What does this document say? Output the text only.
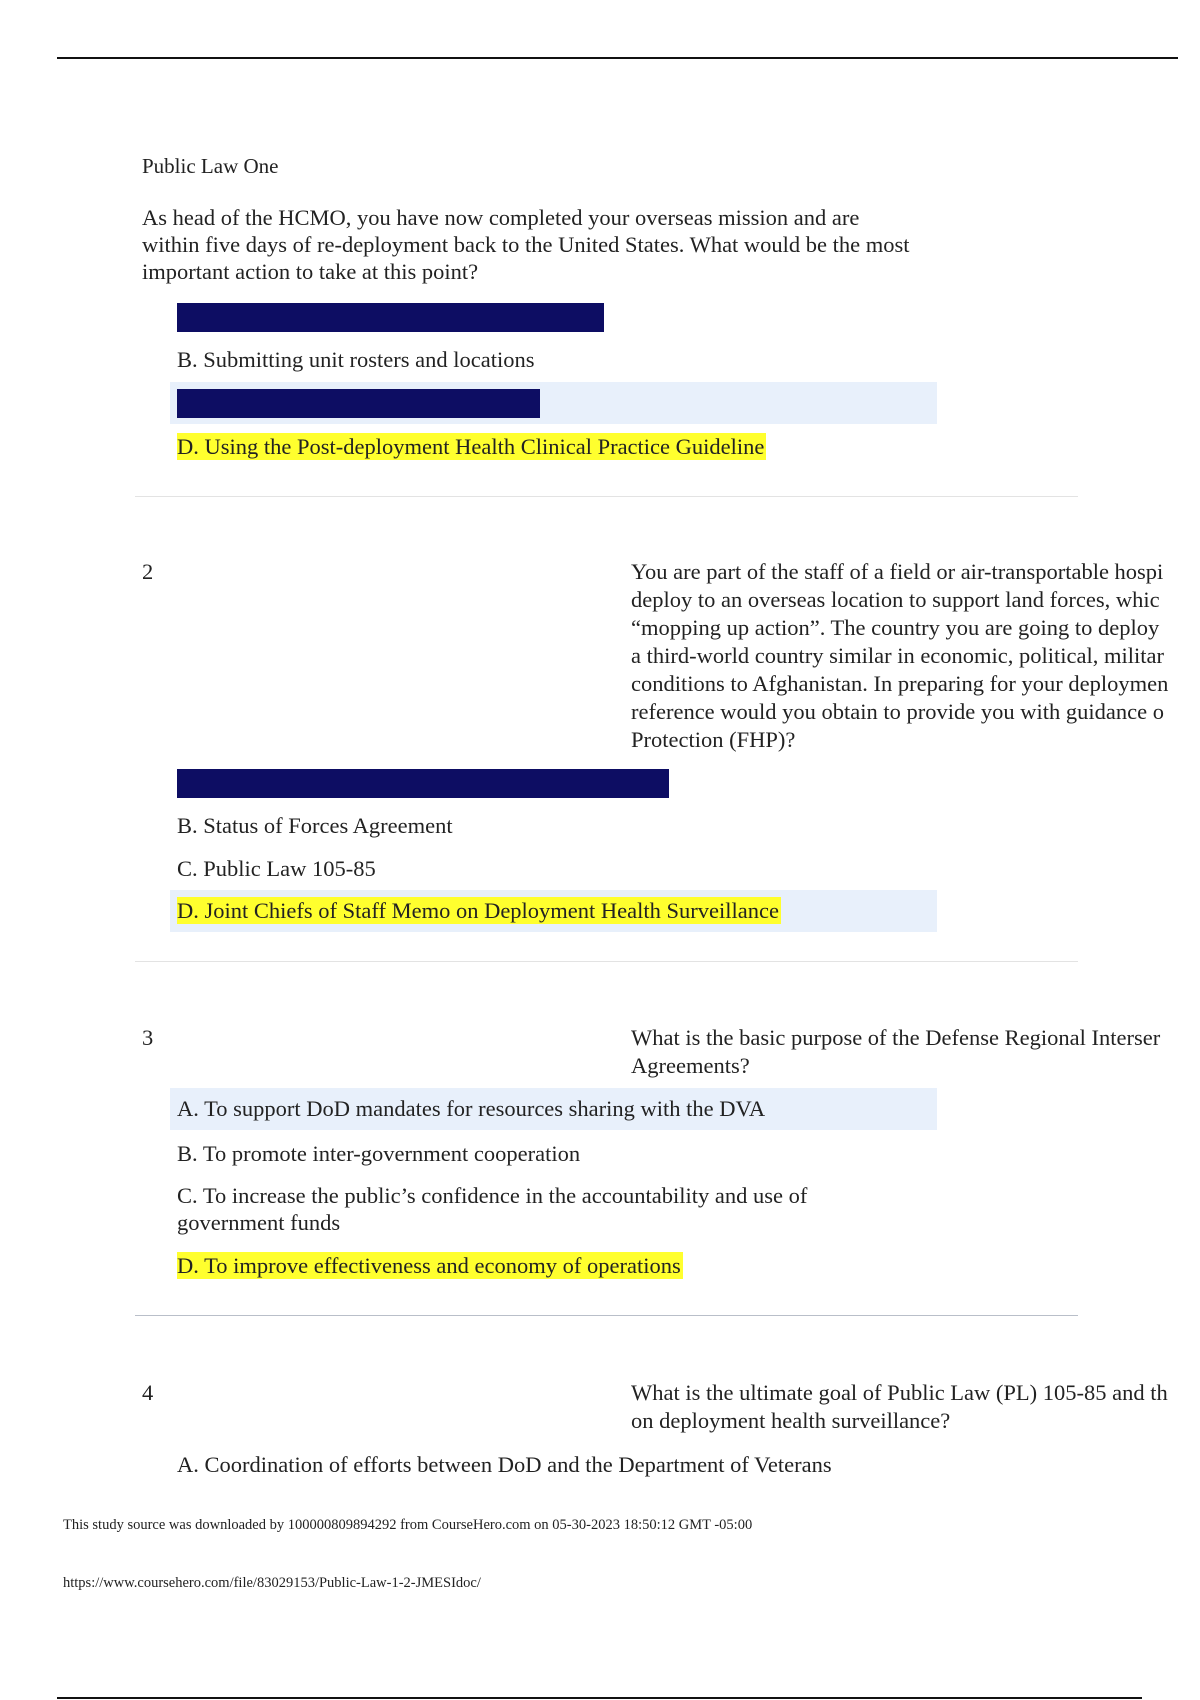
Public Law One
As head of the HCMO, you have now completed your overseas mission and are within five days of re-deployment back to the United States. What would be the most important action to take at this point?
B. Submitting unit rosters and locations
D. Using the Post-deployment Health Clinical Practice Guideline
2	You are part of the staff of a field or air-transportable hospi
deploy to an overseas location to support land forces, whic
“mopping up action”. The country you are going to deploy
a third-world country similar in economic, political, militar
conditions to Afghanistan. In preparing for your deploymen
reference would you obtain to provide you with guidance o
Protection (FHP)?
B. Status of Forces Agreement
C. Public Law 105-85
D. Joint Chiefs of Staff Memo on Deployment Health Surveillance
3	What is the basic purpose of the Defense Regional Interser
Agreements?
A. To support DoD mandates for resources sharing with the DVA
B. To promote inter-government cooperation
C. To increase the public’s confidence in the accountability and use of
government funds
D. To improve effectiveness and economy of operations
4	What is the ultimate goal of Public Law (PL) 105-85 and th
on deployment health surveillance?
A. Coordination of efforts between DoD and the Department of Veterans
This study source was downloaded by 100000809894292 from CourseHero.com on 05-30-2023 18:50:12 GMT -05:00
https://www.coursehero.com/file/83029153/Public-Law-1-2-JMESIdoc/
